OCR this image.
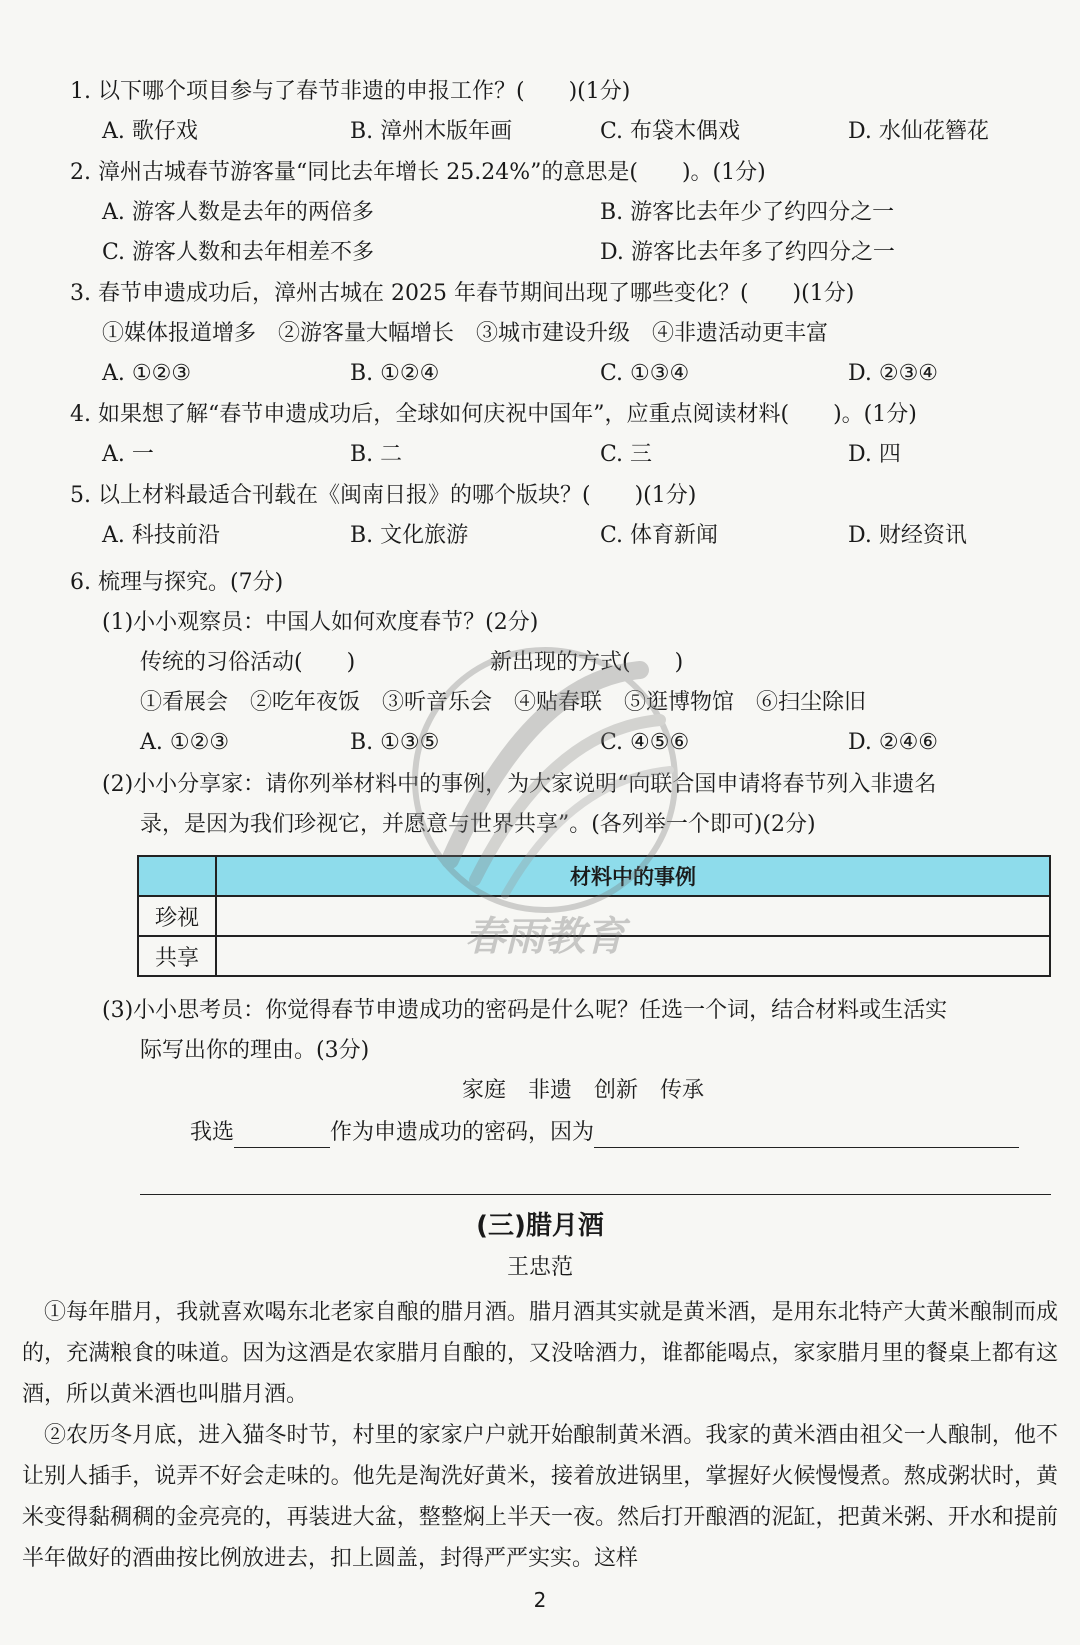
1. 以下哪个项目参与了春节非遗的申报工作？(　　)(1分)
A. 歌仔戏	B. 漳州木版年画	C. 布袋木偶戏	D. 水仙花簪花
2. 漳州古城春节游客量“同比去年增长 25.24%”的意思是(　　)。(1分)
A. 游客人数是去年的两倍多	B. 游客比去年少了约四分之一
C. 游客人数和去年相差不多	D. 游客比去年多了约四分之一
3. 春节申遗成功后，漳州古城在 2025 年春节期间出现了哪些变化？(　　)(1分)
①媒体报道增多　②游客量大幅增长　③城市建设升级　④非遗活动更丰富
A. ①②③	B. ①②④	C. ①③④	D. ②③④
4. 如果想了解“春节申遗成功后，全球如何庆祝中国年”，应重点阅读材料(　　)。(1分)
A. 一	B. 二	C. 三	D. 四
5. 以上材料最适合刊载在《闽南日报》的哪个版块？(　　)(1分)
A. 科技前沿	B. 文化旅游	C. 体育新闻	D. 财经资讯
6. 梳理与探究。(7分)
(1)小小观察员：中国人如何欢度春节？(2分)
传统的习俗活动(　　)	新出现的方式(　　)
①看展会　②吃年夜饭　③听音乐会　④贴春联　⑤逛博物馆　⑥扫尘除旧
A. ①②③	B. ①③⑤	C. ④⑤⑥	D. ②④⑥
(2)小小分享家：请你列举材料中的事例，为大家说明“向联合国申请将春节列入非遗名
录，是因为我们珍视它，并愿意与世界共享”。(各列举一个即可)(2分)
	材料中的事例
珍视	
共享	
(3)小小思考员：你觉得春节申遗成功的密码是什么呢？任选一个词，结合材料或生活实
际写出你的理由。(3分)
家庭　非遗　创新　传承
我选	作为申遗成功的密码，因为
(三)腊月酒
王忠范

①每年腊月，我就喜欢喝东北老家自酿的腊月酒。腊月酒其实就是黄米酒，是用东北特产大黄米酿制而成的，充满粮食的味道。因为这酒是农家腊月自酿的，又没啥酒力，谁都能喝点，家家腊月里的餐桌上都有这酒，所以黄米酒也叫腊月酒。

②农历冬月底，进入猫冬时节，村里的家家户户就开始酿制黄米酒。我家的黄米酒由祖父一人酿制，他不让别人插手，说弄不好会走味的。他先是淘洗好黄米，接着放进锅里，掌握好火候慢慢煮。熬成粥状时，黄米变得黏稠稠的金亮亮的，再装进大盆，整整焖上半天一夜。然后打开酿酒的泥缸，把黄米粥、开水和提前半年做好的酒曲按比例放进去，扣上圆盖，封得严严实实。这样

2
春雨教育
